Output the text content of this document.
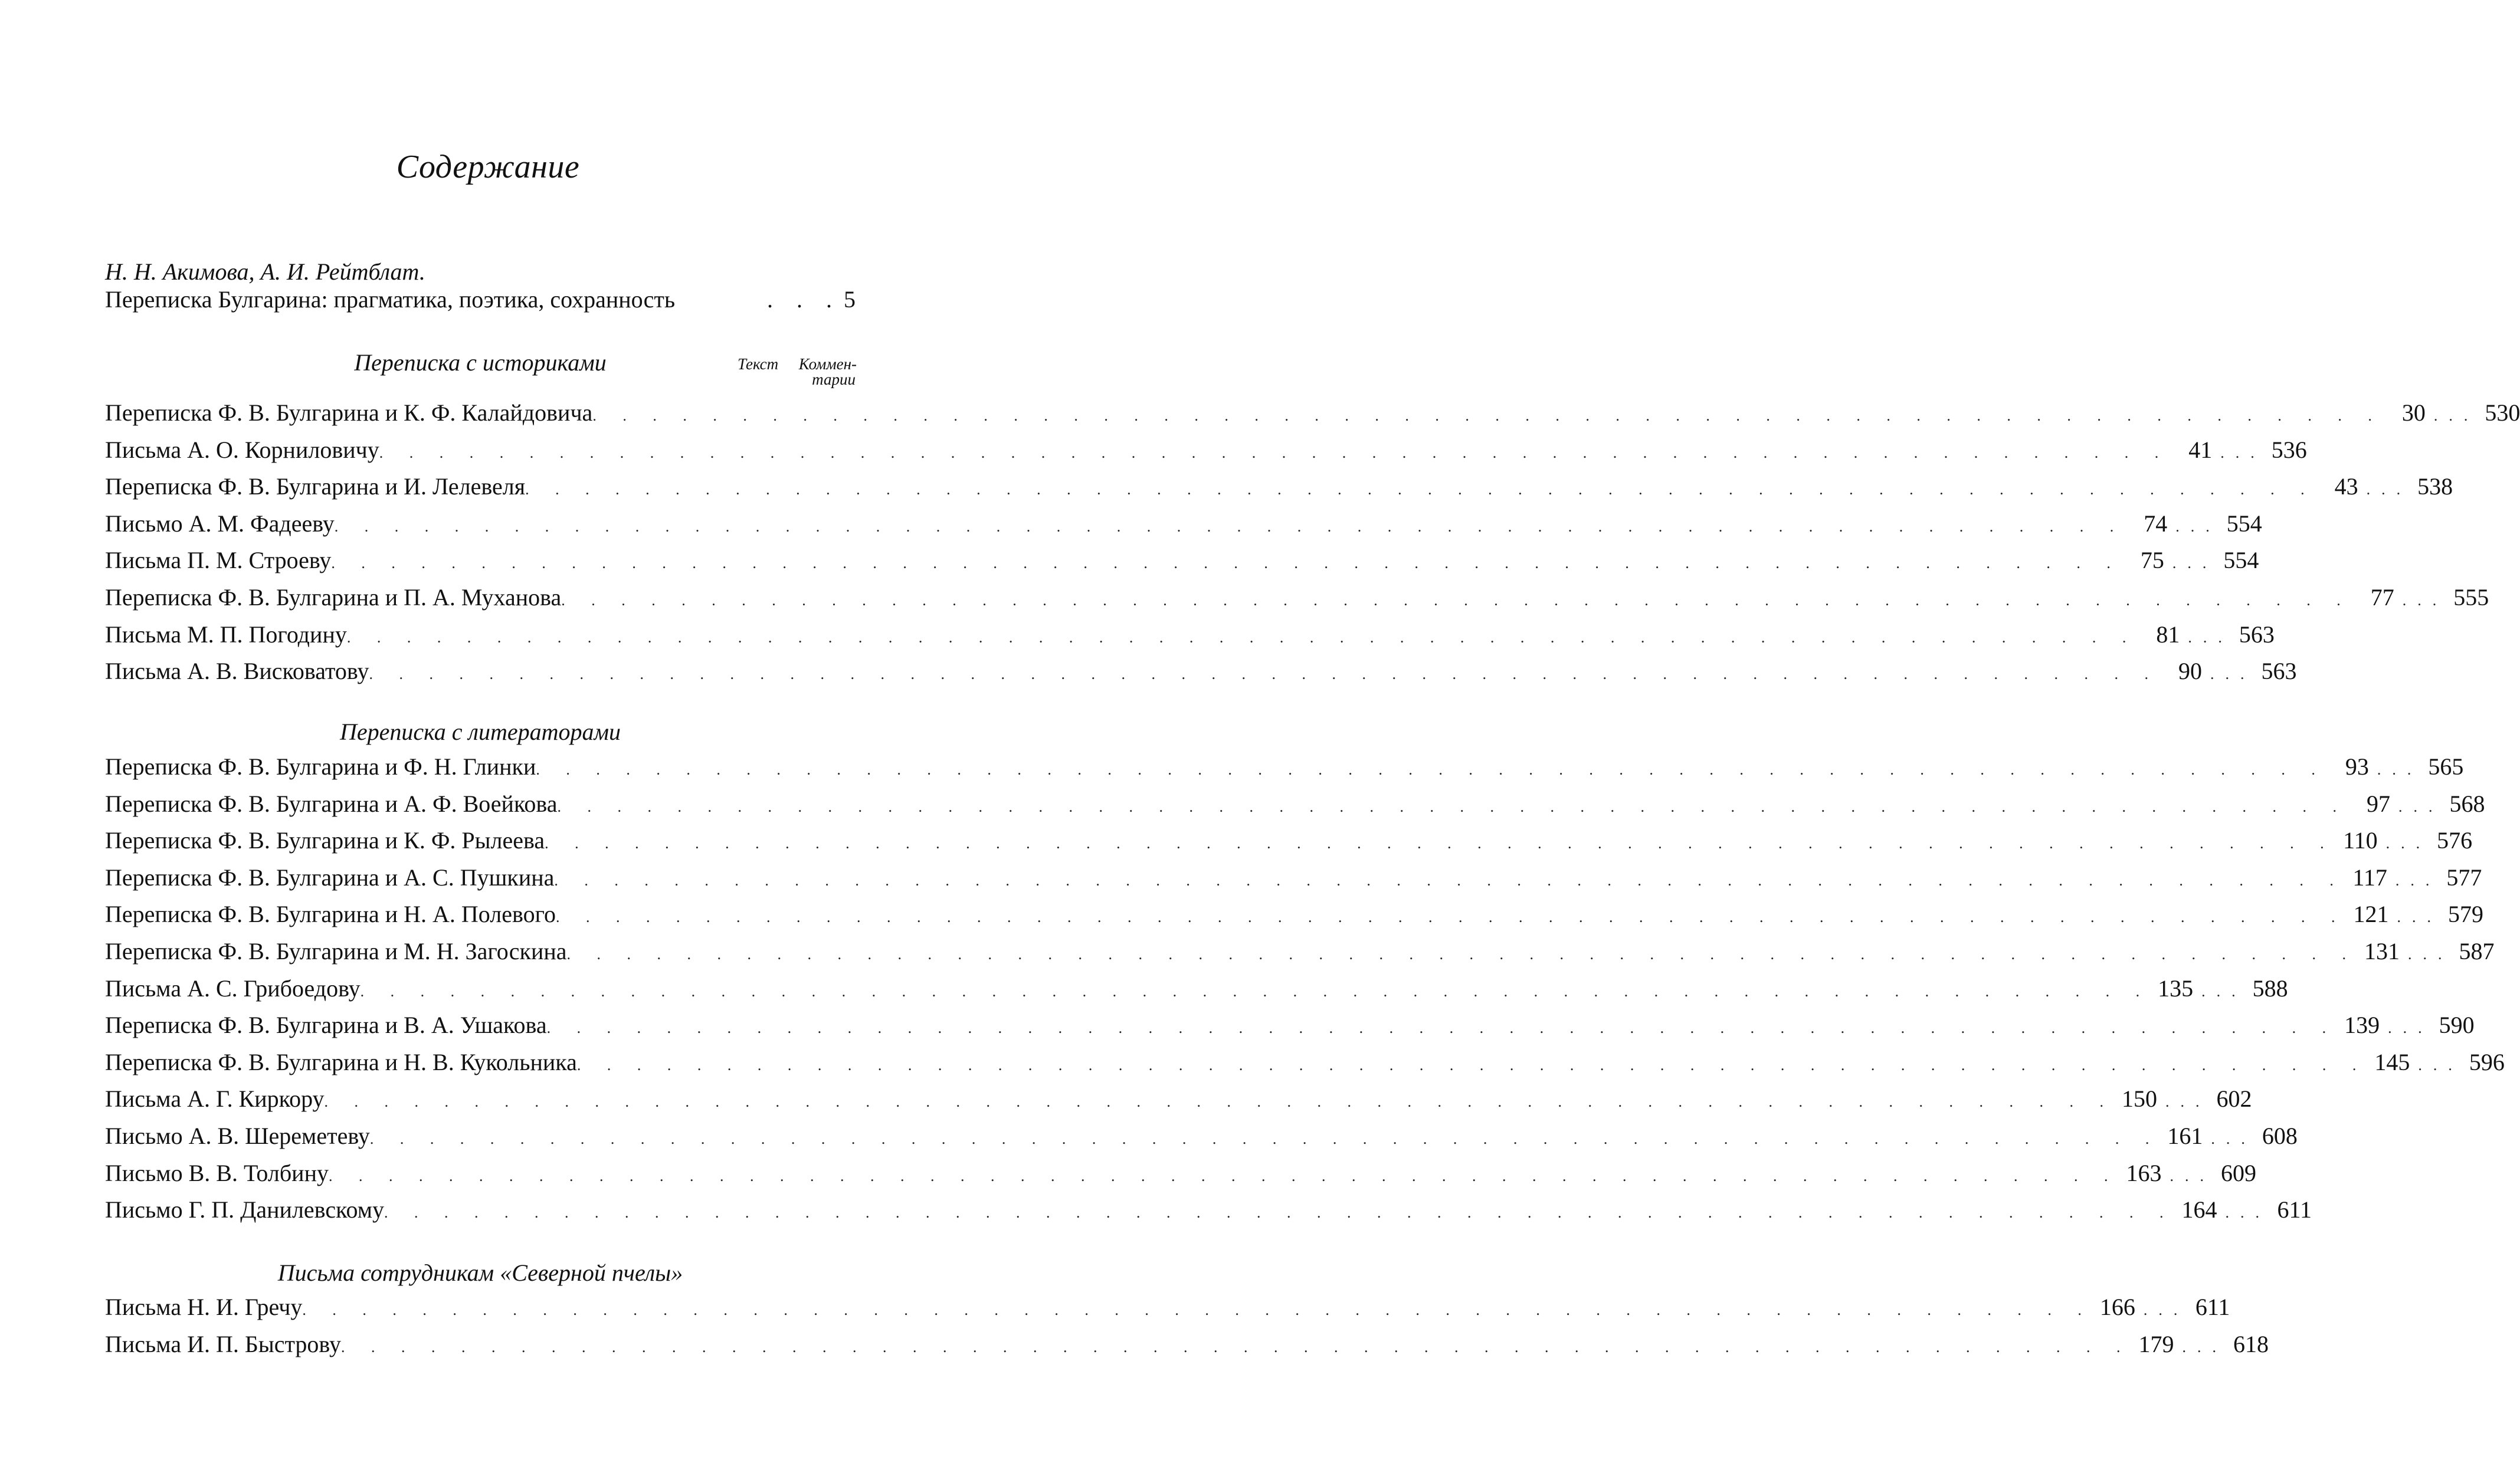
Содержание
Н. Н. Акимова, А. И. Рейтблат.
Переписка Булгарина: прагматика, поэтика, сохранность	.    .    . 5
Переписка с историками	Текст Коммен-
тарии
Переписка Ф. В. Булгарина и К. Ф. Калайдовича . . . . . . . . . . . . . . . . . . . . . . . . . . . . . . . . . . . . . . . . . . . . . . . . . . . . . . . . . . . . 30 ... 530
Письма А. О. Корниловичу . . . . . . . . . . . . . . . . . . . . . . . . . . . . . . . . . . . . . . . . . . . . . . . . . . . . . . . . . . . . 41 ... 536
Переписка Ф. В. Булгарина и И. Лелевеля . . . . . . . . . . . . . . . . . . . . . . . . . . . . . . . . . . . . . . . . . . . . . . . . . . . . . . . . . . . . 43 ... 538
Письмо А. М. Фадееву . . . . . . . . . . . . . . . . . . . . . . . . . . . . . . . . . . . . . . . . . . . . . . . . . . . . . . . . . . . . 74 ... 554
Письма П. М. Строеву . . . . . . . . . . . . . . . . . . . . . . . . . . . . . . . . . . . . . . . . . . . . . . . . . . . . . . . . . . . . 75 ... 554
Переписка Ф. В. Булгарина и П. А. Муханова . . . . . . . . . . . . . . . . . . . . . . . . . . . . . . . . . . . . . . . . . . . . . . . . . . . . . . . . . . . . 77 ... 555
Письма М. П. Погодину . . . . . . . . . . . . . . . . . . . . . . . . . . . . . . . . . . . . . . . . . . . . . . . . . . . . . . . . . . . . 81 ... 563
Письма А. В. Висковатову . . . . . . . . . . . . . . . . . . . . . . . . . . . . . . . . . . . . . . . . . . . . . . . . . . . . . . . . . . . . 90 ... 563
Переписка с литераторами
Переписка Ф. В. Булгарина и Ф. Н. Глинки . . . . . . . . . . . . . . . . . . . . . . . . . . . . . . . . . . . . . . . . . . . . . . . . . . . . . . . . . . . . 93 ... 565
Переписка Ф. В. Булгарина и А. Ф. Воейкова . . . . . . . . . . . . . . . . . . . . . . . . . . . . . . . . . . . . . . . . . . . . . . . . . . . . . . . . . . . . 97 ... 568
Переписка Ф. В. Булгарина и К. Ф. Рылеева . . . . . . . . . . . . . . . . . . . . . . . . . . . . . . . . . . . . . . . . . . . . . . . . . . . . . . . . . . . . 110 ... 576
Переписка Ф. В. Булгарина и А. С. Пушкина . . . . . . . . . . . . . . . . . . . . . . . . . . . . . . . . . . . . . . . . . . . . . . . . . . . . . . . . . . . . 117 ... 577
Переписка Ф. В. Булгарина и Н. А. Полевого . . . . . . . . . . . . . . . . . . . . . . . . . . . . . . . . . . . . . . . . . . . . . . . . . . . . . . . . . . . . 121 ... 579
Переписка Ф. В. Булгарина и М. Н. Загоскина . . . . . . . . . . . . . . . . . . . . . . . . . . . . . . . . . . . . . . . . . . . . . . . . . . . . . . . . . . . . 131 ... 587
Письма А. С. Грибоедову . . . . . . . . . . . . . . . . . . . . . . . . . . . . . . . . . . . . . . . . . . . . . . . . . . . . . . . . . . . . 135 ... 588
Переписка Ф. В. Булгарина и В. А. Ушакова . . . . . . . . . . . . . . . . . . . . . . . . . . . . . . . . . . . . . . . . . . . . . . . . . . . . . . . . . . . . 139 ... 590
Переписка Ф. В. Булгарина и Н. В. Кукольника . . . . . . . . . . . . . . . . . . . . . . . . . . . . . . . . . . . . . . . . . . . . . . . . . . . . . . . . . . . . 145 ... 596
Письма А. Г. Киркору . . . . . . . . . . . . . . . . . . . . . . . . . . . . . . . . . . . . . . . . . . . . . . . . . . . . . . . . . . . . 150 ... 602
Письмо А. В. Шереметеву . . . . . . . . . . . . . . . . . . . . . . . . . . . . . . . . . . . . . . . . . . . . . . . . . . . . . . . . . . . . 161 ... 608
Письмо В. В. Толбину . . . . . . . . . . . . . . . . . . . . . . . . . . . . . . . . . . . . . . . . . . . . . . . . . . . . . . . . . . . . 163 ... 609
Письмо Г. П. Данилевскому . . . . . . . . . . . . . . . . . . . . . . . . . . . . . . . . . . . . . . . . . . . . . . . . . . . . . . . . . . . . 164 ... 611
Письма сотрудникам «Северной пчелы»
Письма Н. И. Гречу . . . . . . . . . . . . . . . . . . . . . . . . . . . . . . . . . . . . . . . . . . . . . . . . . . . . . . . . . . . . 166 ... 611
Письма И. П. Быстрову . . . . . . . . . . . . . . . . . . . . . . . . . . . . . . . . . . . . . . . . . . . . . . . . . . . . . . . . . . . . 179 ... 618
